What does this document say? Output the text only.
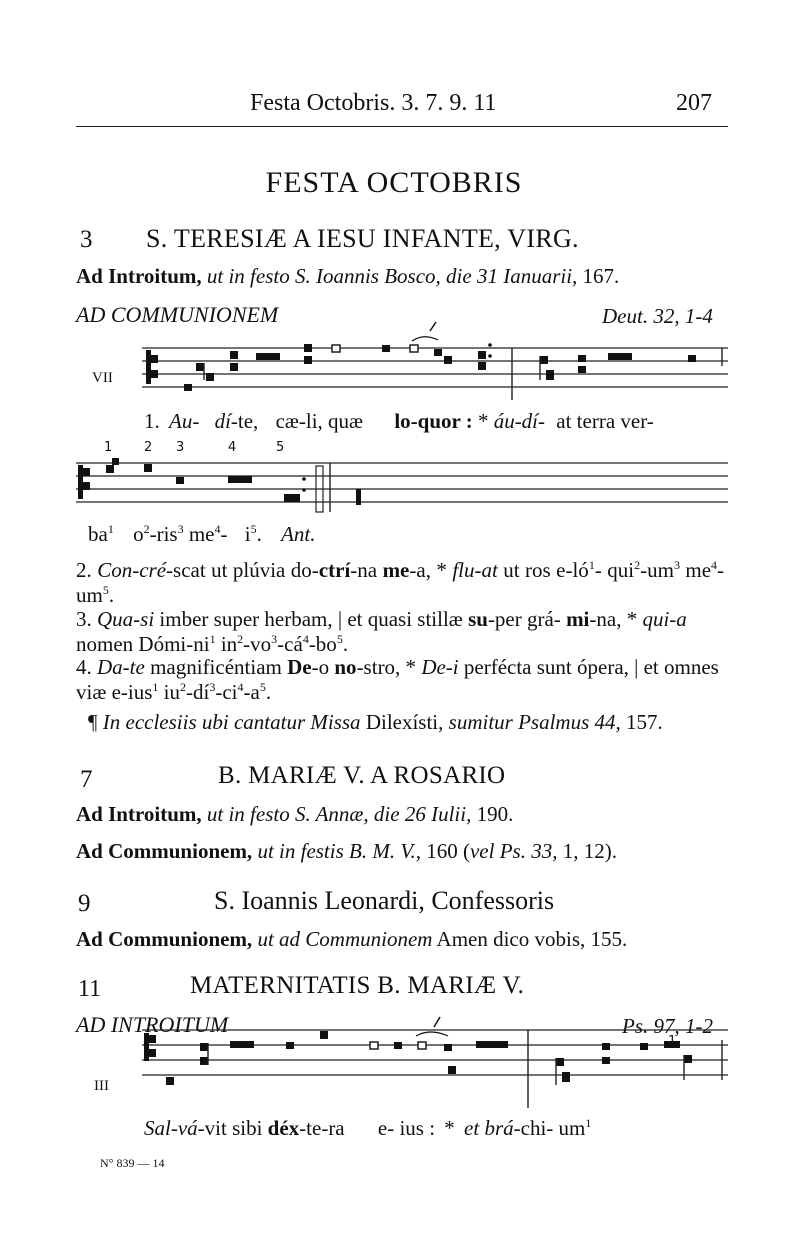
Festa Octobris. 3. 7. 9. 11	207
FESTA OCTOBRIS
3 S. TERESIÆ A IESU INFANTE, VIRG.
Ad Introitum, ut in festo S. Ioannis Bosco, die 31 Ianuarii, 167.
AD COMMUNIONEM	Deut. 32, 1-4
VII
1. Au- dí-te, cæ-li, quæ lo-quor : * áu-dí- at terra ver-
1 2 3	4	5
$ba^1$ $o^2-ris^3$ $me^4-$ $i^5$. Ant.
2. Con-cré-scat ut plúvia do-ctrí-na me-a, * flu-at ut ros $e-ló^1-$ $qui^2-um^3$ $me^4-um^5$.
3. Qua-si imber super herbam, | et quasi stillæ su-per grá- mi-na, * qui-a nomen Dómi-$ni^1$ $in^2-vo^3-cá^4-bo^5$.
4. Da-te magnificéntiam De-o no-stro, * De-i perfécta sunt ópera, | et omnes viæ e-ius$^1$ $iu^2-dí^3-ci^4-a^5$.
¶ In ecclesiis ubi cantatur Missa Dilexísti, sumitur Psalmus 44, 157.
7	B. MARIÆ V. A ROSARIO
Ad Introitum, ut in festo S. Annæ, die 26 Iulii, 190.
Ad Communionem, ut in festis B. M. V., 160 (vel Ps. 33, 1, 12).
9	S. Ioannis Leonardi, Confessoris
Ad Communionem, ut ad Communionem Amen dico vobis, 155.
11	MATERNITATIS B. MARIÆ V.
AD INTROITUM	Ps. 97, 1-2
1
III
Sal-vá-vit sibi déx-te-ra e- ius : * et brá-chi- $um^1$
N° 839 — 14
